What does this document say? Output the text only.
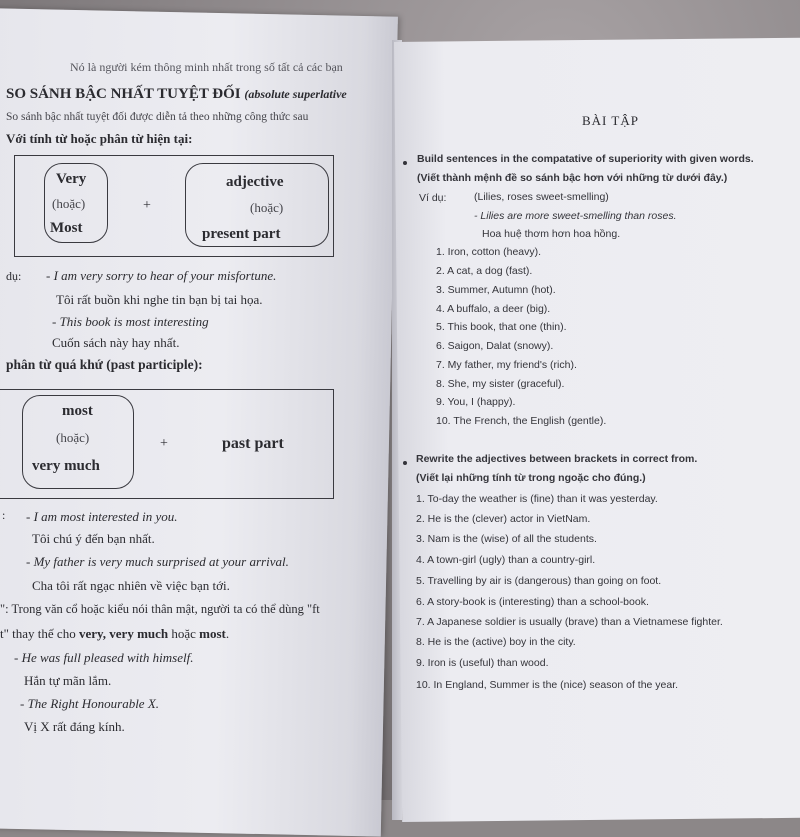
Nó là người kém thông minh nhất trong số tất cả các bạn
SO SÁNH BẬC NHẤT TUYỆT ĐỐI (absolute superlative
So sánh bậc nhất tuyệt đối được diễn tả theo những công thức sau
Với tính từ hoặc phân từ hiện tại:
Very
(hoặc)
Most
+
adjective
(hoặc)
present part
dụ: - I am very sorry to hear of your misfortune.
Tôi rất buồn khi nghe tin bạn bị tai họa.
- This book is most interesting
Cuốn sách này hay nhất.
phân từ quá khứ (past participle):
most
(hoặc)
very much
+	past part
: - I am most interested in you.
Tôi chú ý đến bạn nhất.
- My father is very much surprised at your arrival.
Cha tôi rất ngạc nhiên về việc bạn tới.
": Trong văn cổ hoặc kiểu nói thân mật, người ta có thể dùng "ft
t" thay thế cho very, very much hoặc most.
- He was full pleased with himself.
Hắn tự mãn lắm.
- The Right Honourable X.
Vị X rất đáng kính.
BÀI TẬP
Build sentences in the compatative of superiority with given words.
(Viết thành mệnh đề so sánh bậc hơn với những từ dưới đây.)
Ví dụ:	(Lilies, roses sweet-smelling)
- Lilies are more sweet-smelling than roses.
Hoa huệ thơm hơn hoa hồng.
1. Iron, cotton (heavy).
2. A cat, a dog (fast).
3. Summer, Autumn (hot).
4. A buffalo, a deer (big).
5. This book, that one (thin).
6. Saigon, Dalat (snowy).
7. My father, my friend's (rich).
8. She, my sister (graceful).
9. You, I (happy).
10. The French, the English (gentle).
Rewrite the adjectives between brackets in correct from.
(Viết lại những tính từ trong ngoặc cho đúng.)
1. To-day the weather is (fine) than it was yesterday.
2. He is the (clever) actor in VietNam.
3. Nam is the (wise) of all the students.
4. A town-girl (ugly) than a country-girl.
5. Travelling by air is (dangerous) than going on foot.
6. A story-book is (interesting) than a school-book.
7. A Japanese soldier is usually (brave) than a Vietnamese fighter.
8. He is the (active) boy in the city.
9. Iron is (useful) than wood.
10. In England, Summer is the (nice) season of the year.
